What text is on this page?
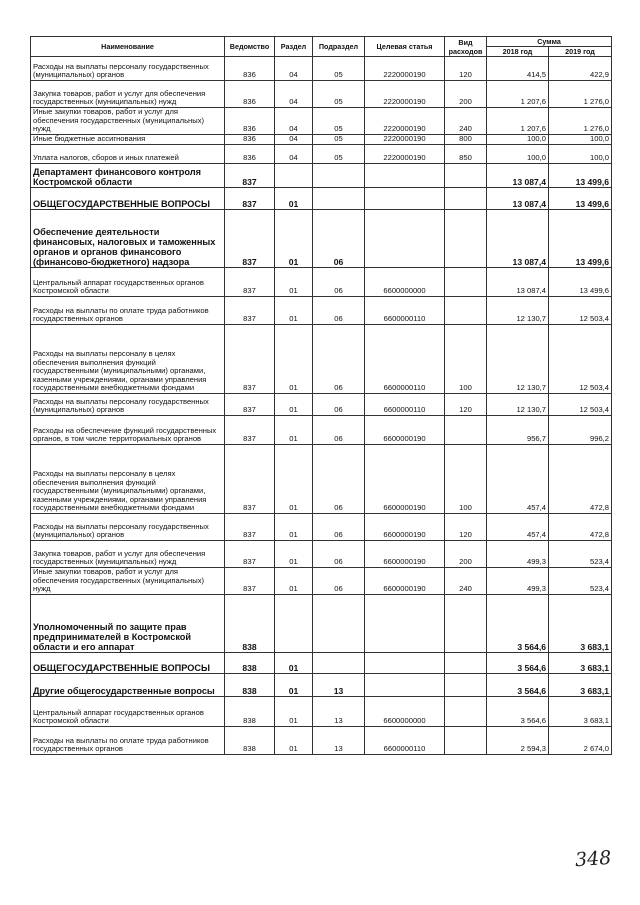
Наименование	Ведомство	Раздел	Подраздел	Целевая статья	Вид расходов	Сумма	
						2018 год	2019 год
Расходы на выплаты персоналу государственных (муниципальных) органов	836	04	05	2220000190	120	414,5	422,9
Закупка товаров, работ и услуг для обеспечения государственных (муниципальных) нужд	836	04	05	2220000190	200	1 207,6	1 276,0
Иные закупки товаров, работ и услуг для обеспечения государственных (муниципальных) нужд	836	04	05	2220000190	240	1 207,6	1 276,0
Иные бюджетные ассигнования	836	04	05	2220000190	800	100,0	100,0
Уплата налогов, сборов и иных платежей	836	04	05	2220000190	850	100,0	100,0
Департамент финансового контроля Костромской области	837					13 087,4	13 499,6
ОБЩЕГОСУДАРСТВЕННЫЕ ВОПРОСЫ	837	01				13 087,4	13 499,6
Обеспечение деятельности финансовых, налоговых и таможенных органов и органов финансового (финансово-бюджетного) надзора	837	01	06			13 087,4	13 499,6
Центральный аппарат государственных органов Костромской области	837	01	06	6600000000		13 087,4	13 499,6
Расходы на выплаты по оплате труда работников государственных органов	837	01	06	6600000110		12 130,7	12 503,4
Расходы на выплаты персоналу в целях обеспечения выполнения функций государственными (муниципальными) органами, казенными учреждениями, органами управления государственными внебюджетными фондами	837	01	06	6600000110	100	12 130,7	12 503,4
Расходы на выплаты персоналу государственных (муниципальных) органов	837	01	06	6600000110	120	12 130,7	12 503,4
Расходы на обеспечение функций государственных органов, в том числе территориальных органов	837	01	06	6600000190		956,7	996,2
Расходы на выплаты персоналу в целях обеспечения выполнения функций государственными (муниципальными) органами, казенными учреждениями, органами управления государственными внебюджетными фондами	837	01	06	6600000190	100	457,4	472,8
Расходы на выплаты персоналу государственных (муниципальных) органов	837	01	06	6600000190	120	457,4	472,8
Закупка товаров, работ и услуг для обеспечения государственных (муниципальных) нужд	837	01	06	6600000190	200	499,3	523,4
Иные закупки товаров, работ и услуг для обеспечения государственных (муниципальных) нужд	837	01	06	6600000190	240	499,3	523,4
Уполномоченный по защите прав предпринимателей в Костромской области и его аппарат	838					3 564,6	3 683,1
ОБЩЕГОСУДАРСТВЕННЫЕ ВОПРОСЫ	838	01				3 564,6	3 683,1
Другие общегосударственные вопросы	838	01	13			3 564,6	3 683,1
Центральный аппарат государственных органов Костромской области	838	01	13	6600000000		3 564,6	3 683,1
Расходы на выплаты по оплате труда работников государственных органов	838	01	13	6600000110		2 594,3	2 674,0
348
